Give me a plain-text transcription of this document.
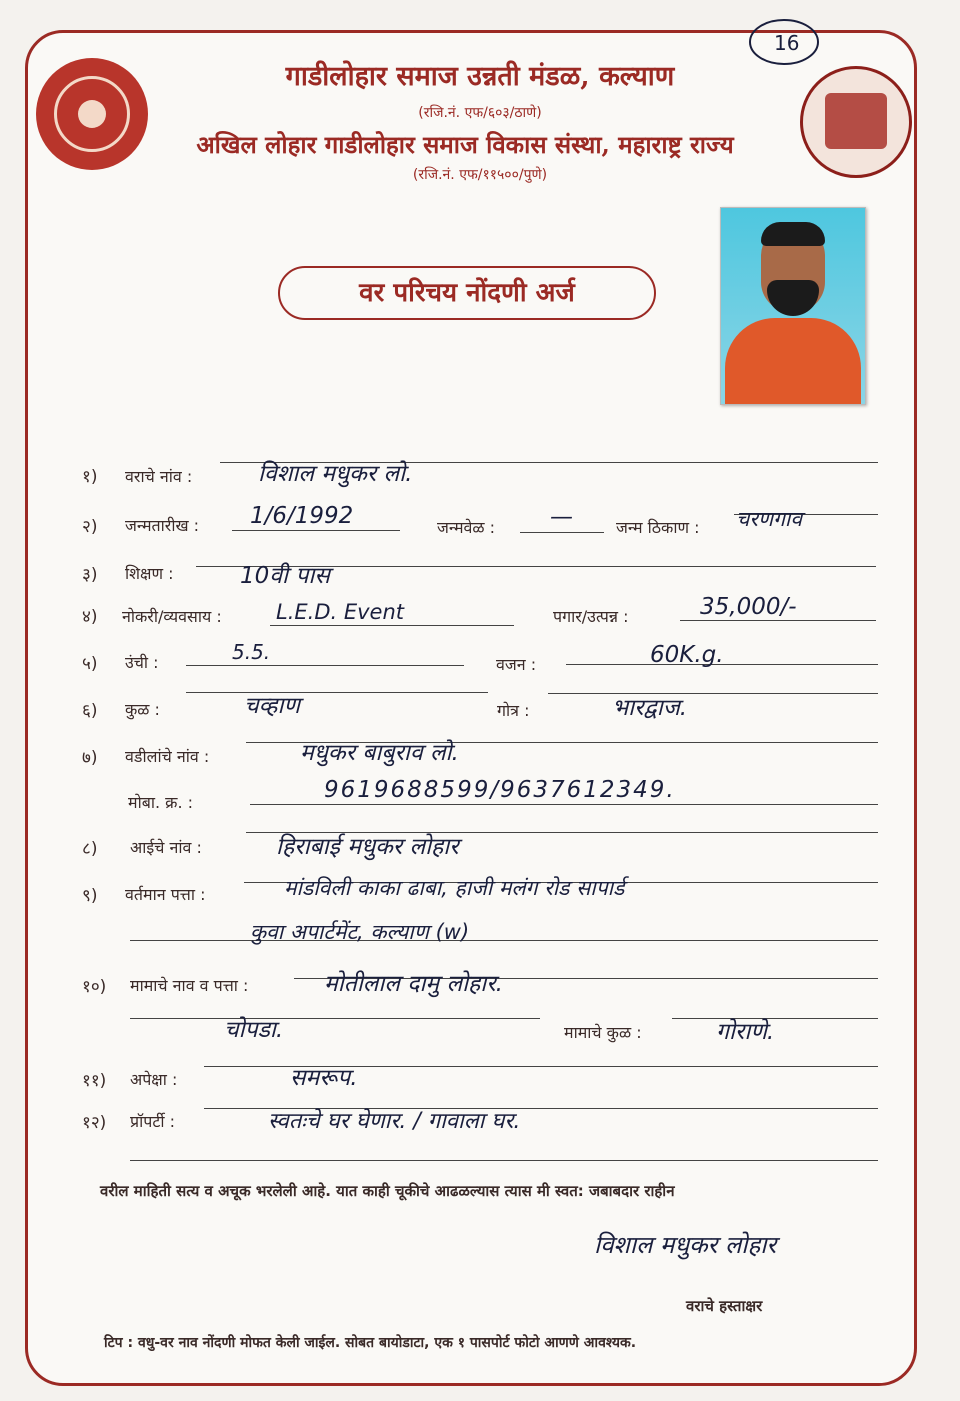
16
गाडीलोहार समाज उन्नती मंडळ, कल्याण
(रजि.नं. एफ/६०३/ठाणे)
अखिल लोहार गाडीलोहार समाज विकास संस्था, महाराष्ट्र राज्य
(रजि.नं. एफ/११५००/पुणे)
वर परिचय नोंदणी अर्ज
१) वराचे नांव :	विशाल मधुकर लो.
२) जन्मतारीख : 1/6/1992	जन्मवेळ : —	जन्म ठिकाण : चरणगाव
३) शिक्षण :	10वी पास
४) नोकरी/व्यवसाय :	L.E.D. Event	पगार/उत्पन्न :	35,000/-
५) उंची :	5.5.
वजन :	60K.g.
६) कुळ :	चव्हाण	गोत्र :	भारद्वाज.
७) वडीलांचे नांव :	मधुकर बाबुराव लो.
मोबा. क्र. :	9619688599/9637612349.
८) आईचे नांव :	हिराबाई मधुकर लोहार
९) वर्तमान पत्ता :	मांडविली काका ढाबा, हाजी मलंग रोड सापार्ड
कुवा अपार्टमेंट, कल्याण (w)
१०) मामाचे नाव व पत्ता :	मोतीलाल दामु लोहार.
चोपडा.	मामाचे कुळ :	गोराणे.
११) अपेक्षा :	समरूप.
१२) प्रॉपर्टी :	स्वतःचे घर घेणार. / गावाला घर.
वरील माहिती सत्य व अचूक भरलेली आहे. यात काही चूकीचे आढळल्यास त्यास मी स्वत: जबाबदार राहीन
विशाल मधुकर लोहार
वराचे हस्ताक्षर
टिप : वधु-वर नाव नोंदणी मोफत केली जाईल. सोबत बायोडाटा, एक १ पासपोर्ट फोटो आणणे आवश्यक.
